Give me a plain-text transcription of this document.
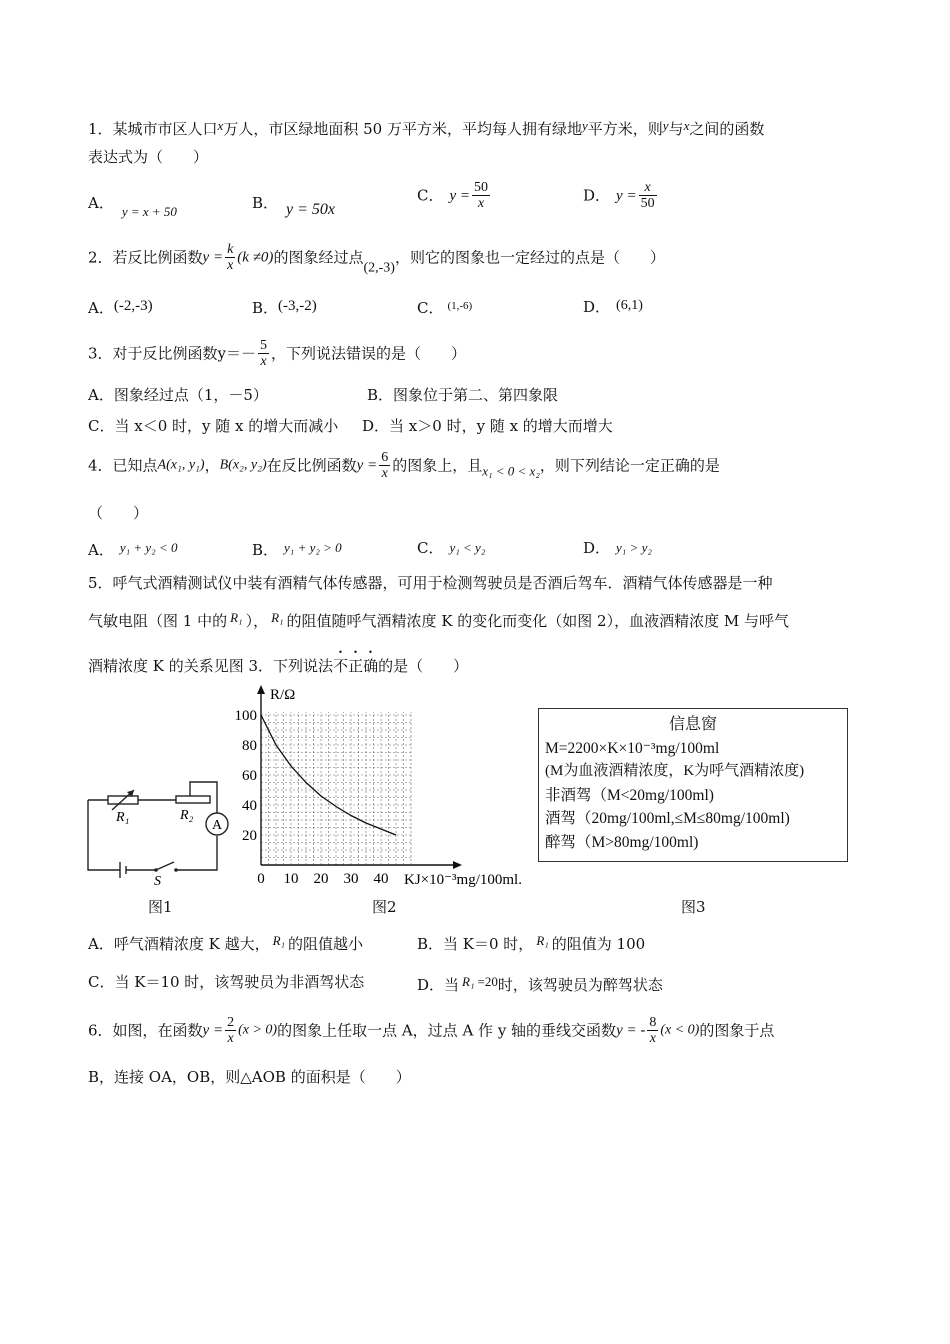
1．某城市市区人口x万人，市区绿地面积 50 万平方米，平均每人拥有绿地y平方米，则y与x之间的函数
表达式为（　　）
A． y = x + 50	B． y = 50x
C． $y = \frac{50}{x}$	D． $y = \frac{x}{50}$
2．若反比例函数$y = \frac{k}{x} (k \ne 0)$的图象经过点(2,-3)，则它的图象也一定经过的点是（　　）
A．(-2,-3)	B．(-3,-2)	C． $^{(1,-6)}$	D． (6,1)
3．对于反比例函数$y=- \frac{5}{x}$ ，下列说法错误的是（　　）
A．图象经过点（1，－5）	B．图象位于第二、第四象限
C．当 x＜0 时，y 随 x 的增大而减小 D．当 x＞0 时，y 随 x 的增大而增大
4．已知点A(x₁, y₁)，B(x₂, y₂)在反比例函数$y = \frac{6}{x}$ 的图象上，且x₁ < 0 < x₂，则下列结论一定正确的是
（　　）
A． y₁ + y₂ < 0	B． y₁ + y₂ > 0	C． y₁ < y₂	D． y₁ > y₂
5．呼气式酒精测试仪中装有酒精气体传感器，可用于检测驾驶员是否酒后驾车．酒精气体传感器是一种
气敏电阻（图 1 中的 R₁ ）， R₁ 的阻值随呼气酒精浓度 K 的变化而变化（如图 2），血液酒精浓度 M 与呼气
酒精浓度 K 的关系见图 3．下列说法不正确的是（　　）
R₁	R₂
A
S
图1
R/Ω
KJ×10⁻³mg/100ml.
100
80
60
40
20
0 10 20 30 40
图2
信息窗
M=2200×K×10⁻³mg/100ml
(M为血液酒精浓度，K为呼气酒精浓度)
非酒驾（M<20mg/100ml)
酒驾（20mg/100ml,≤M≤80mg/100ml)
醉驾（M>80mg/100ml)
图3
A．呼气酒精浓度 K 越大， R₁ 的阻值越小	B．当 K＝0 时， R₁ 的阻值为 100
C．当 K＝10 时，该驾驶员为非酒驾状态	D．当 R₁ =20时，该驾驶员为醉驾状态
6．如图，在函数$y = \frac{2}{x} (x > 0)$的图象上任取一点 A，过点 A 作 y 轴的垂线交函数y = - $\frac{8}{x} (x < 0)$的图象于点
B，连接 OA，OB，则△AOB 的面积是（　　）
